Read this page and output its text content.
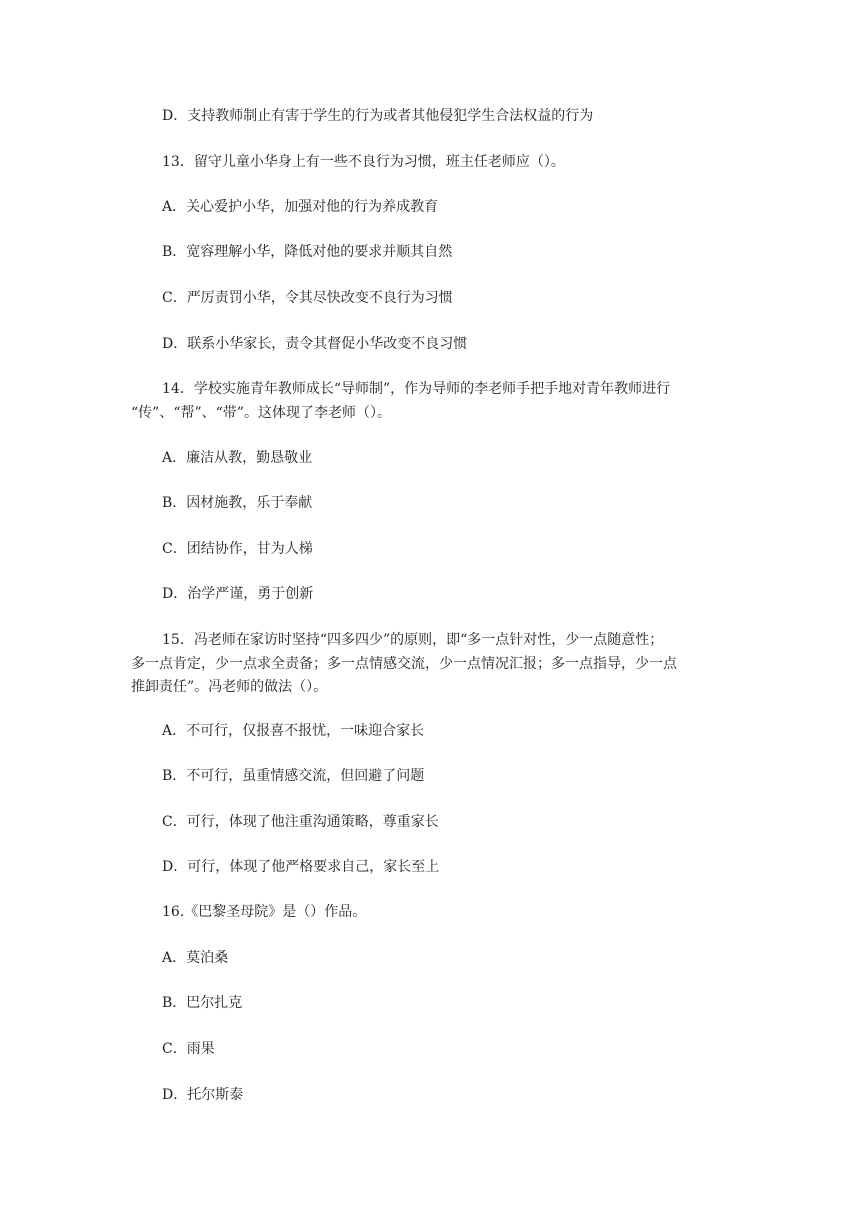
D．支持教师制止有害于学生的行为或者其他侵犯学生合法权益的行为
13．留守儿童小华身上有一些不良行为习惯，班主任老师应（）。
A．关心爱护小华，加强对他的行为养成教育
B．宽容理解小华，降低对他的要求并顺其自然
C．严厉责罚小华，令其尽快改变不良行为习惯
D．联系小华家长，责令其督促小华改变不良习惯
14．学校实施青年教师成长“导师制”，作为导师的李老师手把手地对青年教师进行
“传”、“帮”、“带”。这体现了李老师（）。
A．廉洁从教，勤恳敬业
B．因材施教，乐于奉献
C．团结协作，甘为人梯
D．治学严谨，勇于创新
15．冯老师在家访时坚持“四多四少”的原则，即“多一点针对性，少一点随意性；
多一点肯定，少一点求全责备；多一点情感交流，少一点情况汇报；多一点指导，少一点
推卸责任”。冯老师的做法（）。
A．不可行，仅报喜不报忧，一味迎合家长
B．不可行，虽重情感交流，但回避了问题
C．可行，体现了他注重沟通策略，尊重家长
D．可行，体现了他严格要求自己，家长至上
16.《巴黎圣母院》是（）作品。
A．莫泊桑
B．巴尔扎克
C．雨果
D．托尔斯泰
